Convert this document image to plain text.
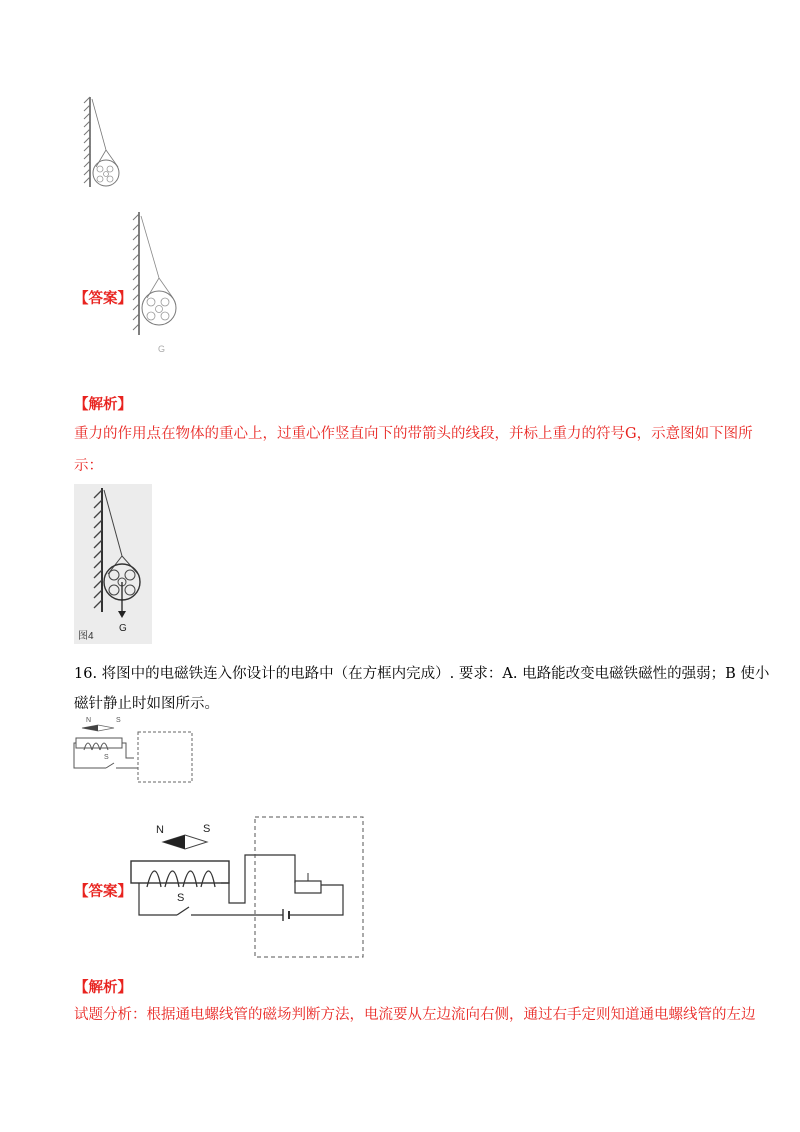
【答案】
G
【解析】
重力的作用点在物体的重心上，过重心作竖直向下的带箭头的线段，并标上重力的符号G，示意图如下图所
示：
图4
G
16. 将图中的电磁铁连入你设计的电路中（在方框内完成）. 要求：A. 电路能改变电磁铁磁性的强弱；B 使小
磁针静止时如图所示。
N	S
S
【答案】
N	S
S
【解析】
试题分析：根据通电螺线管的磁场判断方法，电流要从左边流向右侧，通过右手定则知道通电螺线管的左边
